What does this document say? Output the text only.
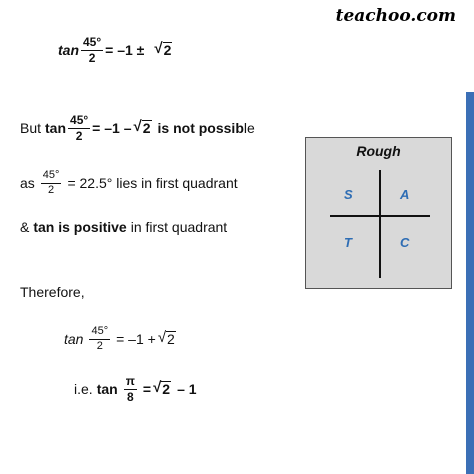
teachoo.com
$\tan \frac{45^\circ}{2} = -1$ ± √ 2
But $\tan \frac{45^\circ}{2} = -1$ – √ 2 is not possib le
as $\frac{45^\circ}{2} = 22.5^\circ$ lies in first quadrant
& tan is positive in first quadrant
Therefore,
$\tan \frac{45^\circ}{2} = -1$ + √ 2
i.e. $\tan \frac{\pi}{8}$ = √ 2 – 1
Rough
S	A
T	C
